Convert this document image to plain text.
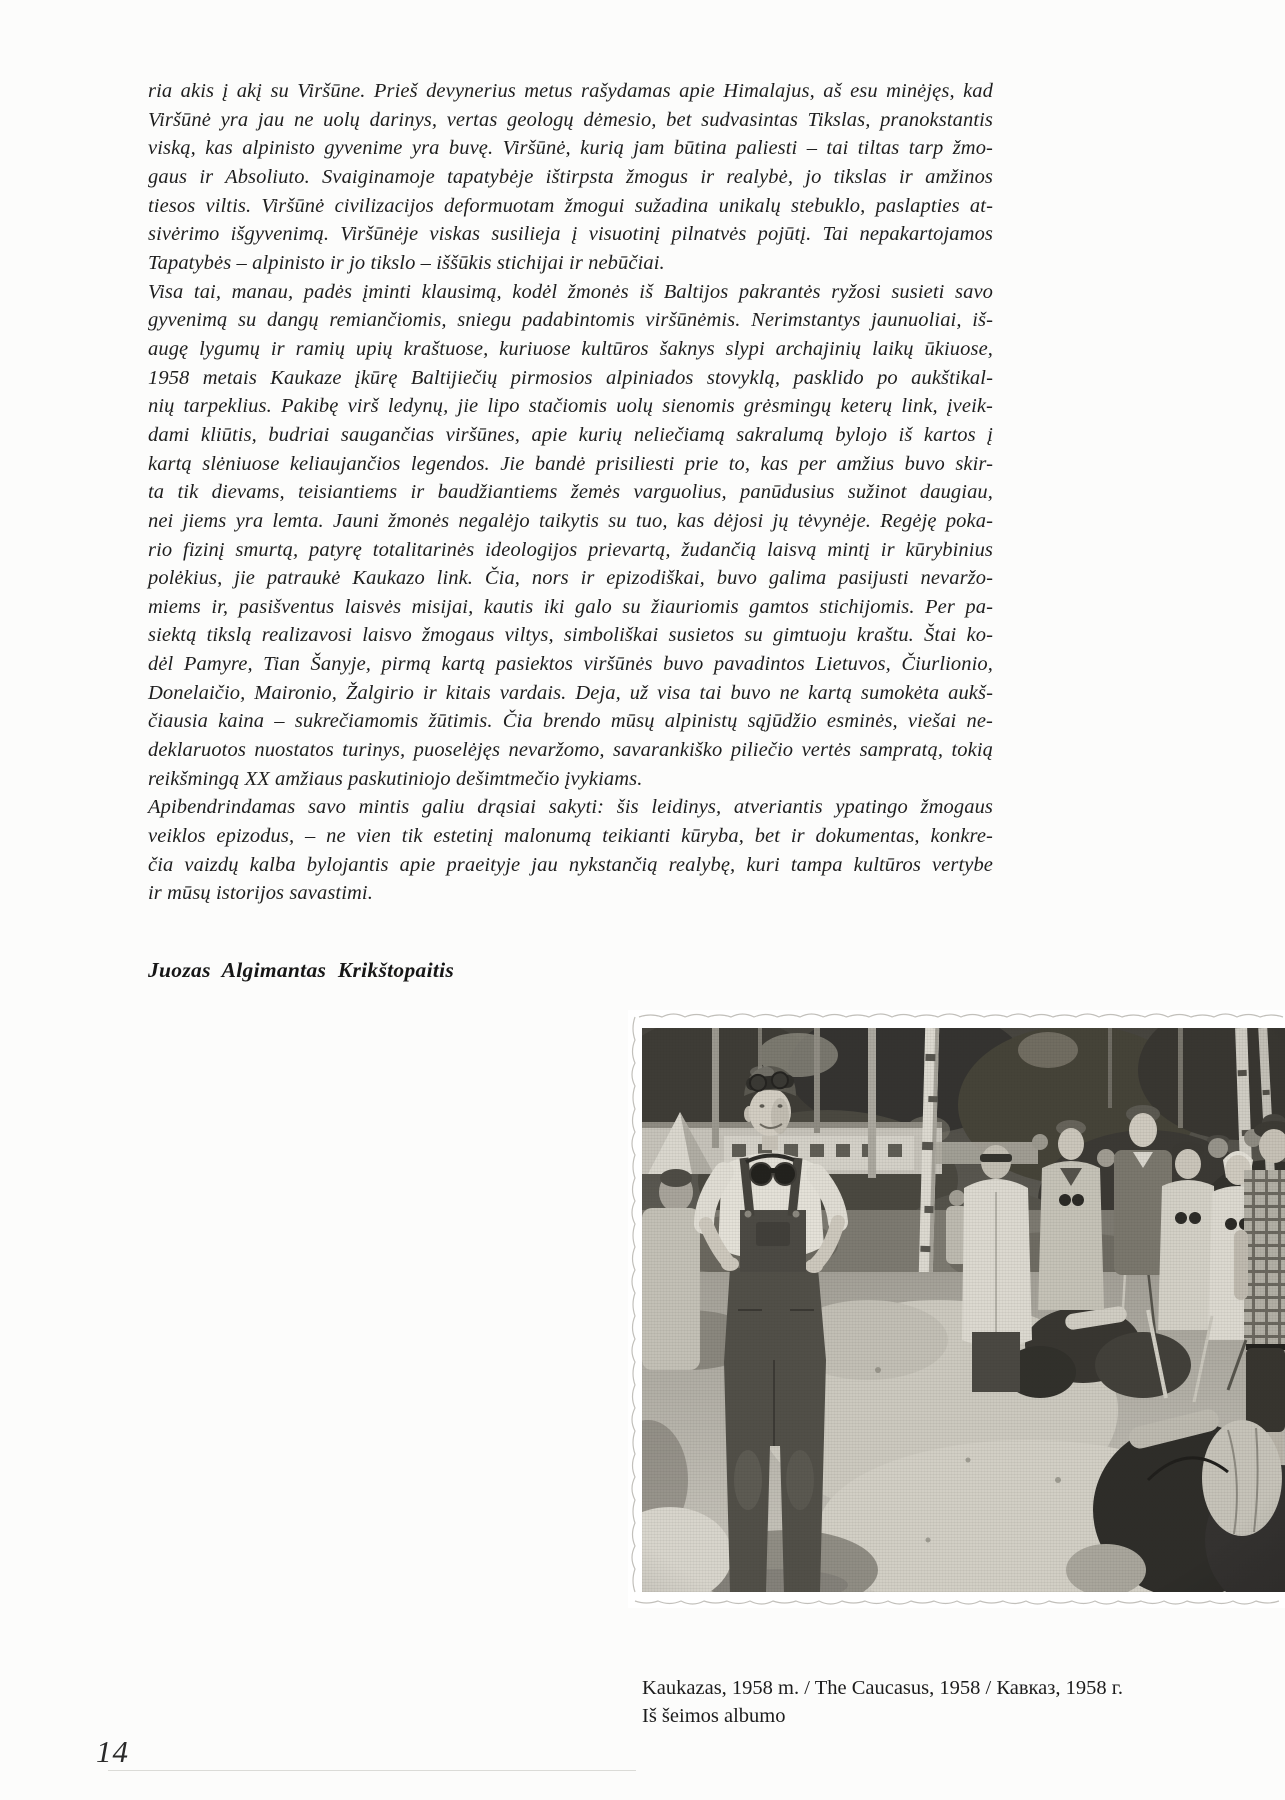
ria akis į akį su Viršūne. Prieš devynerius metus rašydamas apie Himalajus, aš esu minėjęs, kad
Viršūnė yra jau ne uolų darinys, vertas geologų dėmesio, bet sudvasintas Tikslas, pranokstantis
viską, kas alpinisto gyvenime yra buvę. Viršūnė, kurią jam būtina paliesti – tai tiltas tarp žmo-
gaus ir Absoliuto. Svaiginamoje tapatybėje ištirpsta žmogus ir realybė, jo tikslas ir amžinos
tiesos viltis. Viršūnė civilizacijos deformuotam žmogui sužadina unikalų stebuklo, paslapties at-
sivėrimo išgyvenimą. Viršūnėje viskas susilieja į visuotinį pilnatvės pojūtį. Tai nepakartojamos
Tapatybės – alpinisto ir jo tikslo – iššūkis stichijai ir nebūčiai.
Visa tai, manau, padės įminti klausimą, kodėl žmonės iš Baltijos pakrantės ryžosi susieti savo
gyvenimą su dangų remiančiomis, sniegu padabintomis viršūnėmis. Nerimstantys jaunuoliai, iš-
augę lygumų ir ramių upių kraštuose, kuriuose kultūros šaknys slypi archajinių laikų ūkiuose,
1958 metais Kaukaze įkūrę Baltijiečių pirmosios alpiniados stovyklą, pasklido po aukštikal-
nių tarpeklius. Pakibę virš ledynų, jie lipo stačiomis uolų sienomis grėsmingų keterų link, įveik-
dami kliūtis, budriai saugančias viršūnes, apie kurių neliečiamą sakralumą bylojo iš kartos į
kartą slėniuose keliaujančios legendos. Jie bandė prisiliesti prie to, kas per amžius buvo skir-
ta tik dievams, teisiantiems ir baudžiantiems žemės varguolius, panūdusius sužinot daugiau,
nei jiems yra lemta. Jauni žmonės negalėjo taikytis su tuo, kas dėjosi jų tėvynėje. Regėję poka-
rio fizinį smurtą, patyrę totalitarinės ideologijos prievartą, žudančią laisvą mintį ir kūrybinius
polėkius, jie patraukė Kaukazo link. Čia, nors ir epizodiškai, buvo galima pasijusti nevaržo-
miems ir, pasišventus laisvės misijai, kautis iki galo su žiauriomis gamtos stichijomis. Per pa-
siektą tikslą realizavosi laisvo žmogaus viltys, simboliškai susietos su gimtuoju kraštu. Štai ko-
dėl Pamyre, Tian Šanyje, pirmą kartą pasiektos viršūnės buvo pavadintos Lietuvos, Čiurlionio,
Donelaičio, Maironio, Žalgirio ir kitais vardais. Deja, už visa tai buvo ne kartą sumokėta aukš-
čiausia kaina – sukrečiamomis žūtimis. Čia brendo mūsų alpinistų sąjūdžio esminės, viešai ne-
deklaruotos nuostatos turinys, puoselėjęs nevaržomo, savarankiško piliečio vertės sampratą, tokią
reikšmingą XX amžiaus paskutiniojo dešimtmečio įvykiams.
Apibendrindamas savo mintis galiu drąsiai sakyti: šis leidinys, atveriantis ypatingo žmogaus
veiklos epizodus, – ne vien tik estetinį malonumą teikianti kūryba, bet ir dokumentas, konkre-
čia vaizdų kalba bylojantis apie praeityje jau nykstančią realybę, kuri tampa kultūros vertybe
ir mūsų istorijos savastimi.
Juozas Algimantas Krikštopaitis
Kaukazas, 1958 m. / The Caucasus, 1958 / Кавказ, 1958 г.
Iš šeimos albumo
14
